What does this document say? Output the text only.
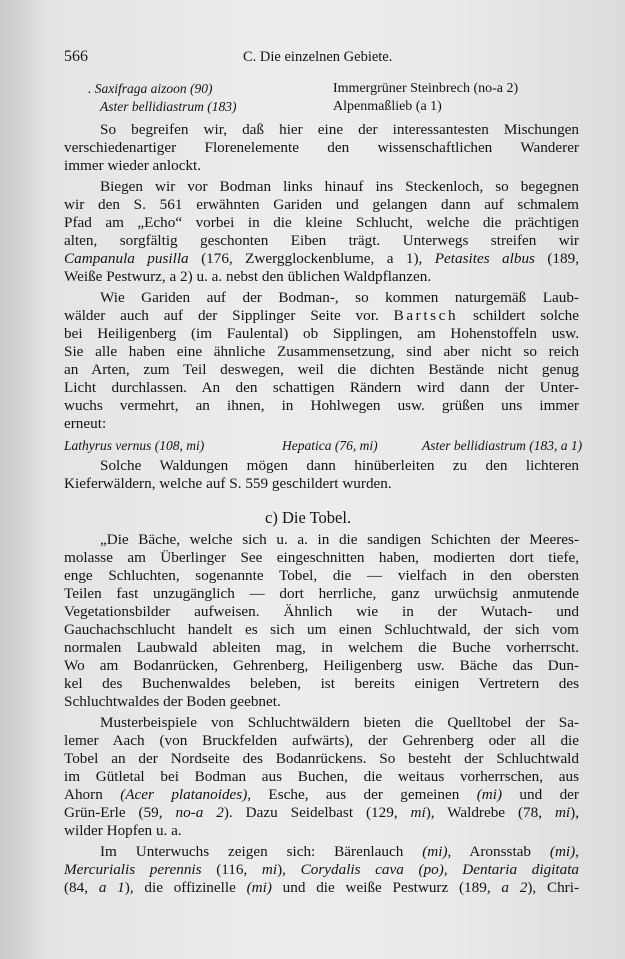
566	C. Die einzelnen Gebiete.
. Saxifraga aizoon (90)	Immergrüner Steinbrech (no-a 2)
Aster bellidiastrum (183)	Alpenmaßlieb (a 1)
So begreifen wir, daß hier eine der interessantesten Mischungen
verschiedenartiger Florenelemente den wissenschaftlichen Wanderer
immer wieder anlockt.
Biegen wir vor Bodman links hinauf ins Steckenloch, so begegnen
wir den S. 561 erwähnten Gariden und gelangen dann auf schmalem
Pfad am „Echo“ vorbei in die kleine Schlucht, welche die prächtigen
alten, sorgfältig geschonten Eiben trägt. Unterwegs streifen wir
Campanula pusilla (176, Zwergglockenblume, a 1), Petasites albus (189,
Weiße Pestwurz, a 2) u. a. nebst den üblichen Waldpflanzen.
Wie Gariden auf der Bodman-, so kommen naturgemäß Laub-
wälder auch auf der Sipplinger Seite vor. Bartsch schildert solche
bei Heiligenberg (im Faulental) ob Sipplingen, am Hohenstoffeln usw.
Sie alle haben eine ähnliche Zusammensetzung, sind aber nicht so reich
an Arten, zum Teil deswegen, weil die dichten Bestände nicht genug
Licht durchlassen. An den schattigen Rändern wird dann der Unter-
wuchs vermehrt, an ihnen, in Hohlwegen usw. grüßen uns immer
erneut:
Lathyrus vernus (108, mi)	Hepatica (76, mi)	Aster bellidiastrum (183, a 1)
Solche Waldungen mögen dann hinüberleiten zu den lichteren
Kieferwäldern, welche auf S. 559 geschildert wurden.
c) Die Tobel.
„Die Bäche, welche sich u. a. in die sandigen Schichten der Meeres-
molasse am Überlinger See eingeschnitten haben, modierten dort tiefe,
enge Schluchten, sogenannte Tobel, die — vielfach in den obersten
Teilen fast unzugänglich — dort herrliche, ganz urwüchsig anmutende
Vegetationsbilder aufweisen. Ähnlich wie in der Wutach- und
Gauchachschlucht handelt es sich um einen Schluchtwald, der sich vom
normalen Laubwald ableiten mag, in welchem die Buche vorherrscht.
Wo am Bodanrücken, Gehrenberg, Heiligenberg usw. Bäche das Dun-
kel des Buchenwaldes beleben, ist bereits einigen Vertretern des
Schluchtwaldes der Boden geebnet.
Musterbeispiele von Schluchtwäldern bieten die Quelltobel der Sa-
lemer Aach (von Bruckfelden aufwärts), der Gehrenberg oder all die
Tobel an der Nordseite des Bodanrückens. So besteht der Schluchtwald
im Gütletal bei Bodman aus Buchen, die weitaus vorherrschen, aus
Ahorn (Acer platanoides), Esche, aus der gemeinen (mi) und der
Grün-Erle (59, no-a 2). Dazu Seidelbast (129, mi), Waldrebe (78, mi),
wilder Hopfen u. a.
Im Unterwuchs zeigen sich: Bärenlauch (mi), Aronsstab (mi),
Mercurialis perennis (116, mi), Corydalis cava (po), Dentaria digitata
(84, a 1), die offizinelle (mi) und die weiße Pestwurz (189, a 2), Chri-
